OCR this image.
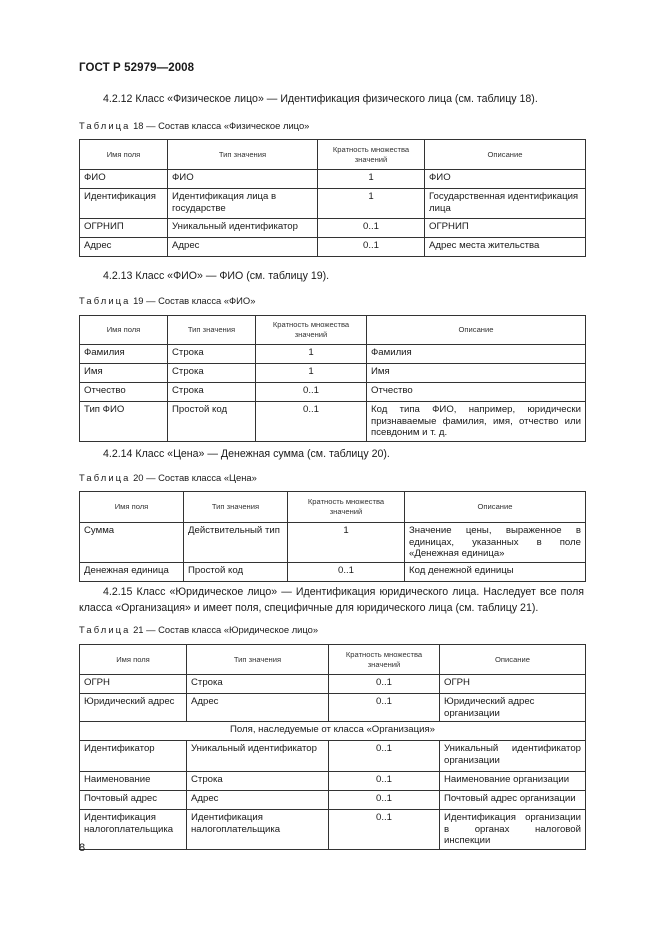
ГОСТ Р 52979—2008
4.2.12 Класс «Физическое лицо» — Идентификация физического лица (см. таблицу 18).
Таблица 18 — Состав класса «Физическое лицо»
Имя поля	Тип значения	Кратность множества значений	Описание
ФИО	ФИО	1	ФИО
Идентификация	Идентификация лица в государстве	1	Государственная идентификация лица
ОГРНИП	Уникальный идентификатор	0..1	ОГРНИП
Адрес	Адрес	0..1	Адрес места жительства
4.2.13 Класс «ФИО» — ФИО (см. таблицу 19).
Таблица 19 — Состав класса «ФИО»
Имя поля	Тип значения	Кратность множества значений	Описание
Фамилия	Строка	1	Фамилия
Имя	Строка	1	Имя
Отчество	Строка	0..1	Отчество
Тип ФИО	Простой код	0..1	Код типа ФИО, например, юридически признаваемые фамилия, имя, отчество или псевдоним и т. д.
4.2.14 Класс «Цена» — Денежная сумма (см. таблицу 20).
Таблица 20 — Состав класса «Цена»
Имя поля	Тип значения	Кратность множества значений	Описание
Сумма	Действительный тип	1	Значение цены, выраженное в единицах, указанных в поле «Денежная единица»
Денежная единица	Простой код	0..1	Код денежной единицы
4.2.15 Класс «Юридическое лицо» — Идентификация юридического лица. Наследует все поля класса «Организация» и имеет поля, специфичные для юридического лица (см. таблицу 21).
Таблица 21 — Состав класса «Юридическое лицо»
Имя поля	Тип значения	Кратность множества значений	Описание
ОГРН	Строка	0..1	ОГРН
Юридический адрес	Адрес	0..1	Юридический адрес организации
Поля, наследуемые от класса «Организация»			
Идентификатор	Уникальный идентификатор	0..1	Уникальный идентификатор организации
Наименование	Строка	0..1	Наименование организации
Почтовый адрес	Адрес	0..1	Почтовый адрес организации
Идентификация налогоплательщика	Идентификация налогоплательщика	0..1	Идентификация организации в органах налоговой инспекции
8
